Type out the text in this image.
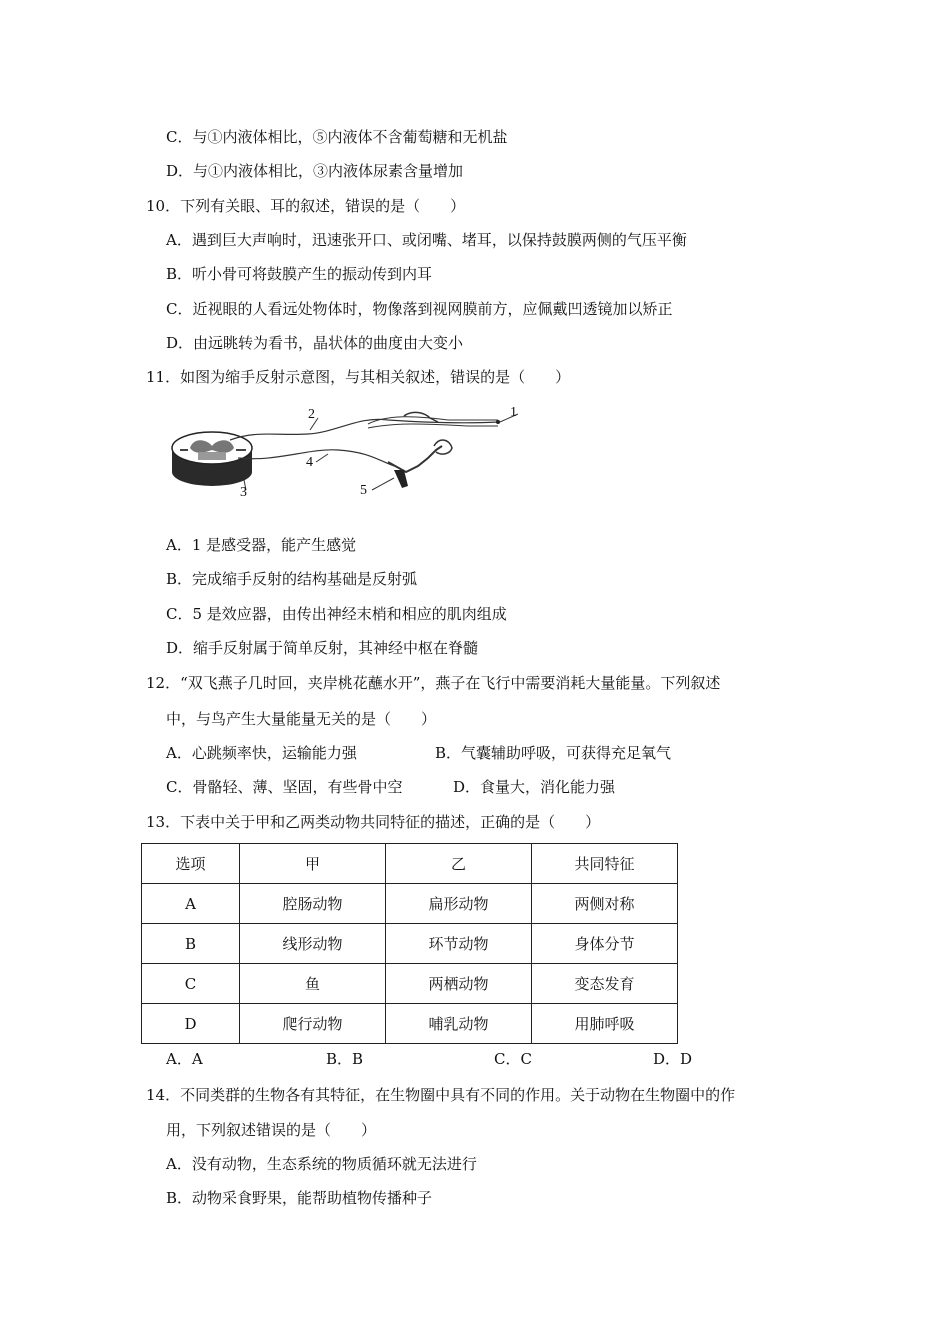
C．与①内液体相比，⑤内液体不含葡萄糖和无机盐
D．与①内液体相比，③内液体尿素含量增加
10．下列有关眼、耳的叙述，错误的是（　　）
A．遇到巨大声响时，迅速张开口、或闭嘴、堵耳，以保持鼓膜两侧的气压平衡
B．听小骨可将鼓膜产生的振动传到内耳
C．近视眼的人看远处物体时，物像落到视网膜前方，应佩戴凹透镜加以矫正
D．由远眺转为看书，晶状体的曲度由大变小
11．如图为缩手反射示意图，与其相关叙述，错误的是（　　）
1
2
3
4
5
A．1 是感受器，能产生感觉
B．完成缩手反射的结构基础是反射弧
C．5 是效应器，由传出神经末梢和相应的肌肉组成
D．缩手反射属于简单反射，其神经中枢在脊髓
12．“双飞燕子几时回，夹岸桃花蘸水开”，燕子在飞行中需要消耗大量能量。下列叙述
中，与鸟产生大量能量无关的是（　　）
A．心跳频率快，运输能力强	B．气囊辅助呼吸，可获得充足氧气
C．骨骼轻、薄、坚固，有些骨中空	D．食量大，消化能力强
13．下表中关于甲和乙两类动物共同特征的描述，正确的是（　　）
选项	甲	乙	共同特征
A	腔肠动物	扁形动物	两侧对称
B	线形动物	环节动物	身体分节
C	鱼	两栖动物	变态发育
D	爬行动物	哺乳动物	用肺呼吸
A．A	B．B	C．C	D．D
14．不同类群的生物各有其特征，在生物圈中具有不同的作用。关于动物在生物圈中的作
用，下列叙述错误的是（　　）
A．没有动物，生态系统的物质循环就无法进行
B．动物采食野果，能帮助植物传播种子
